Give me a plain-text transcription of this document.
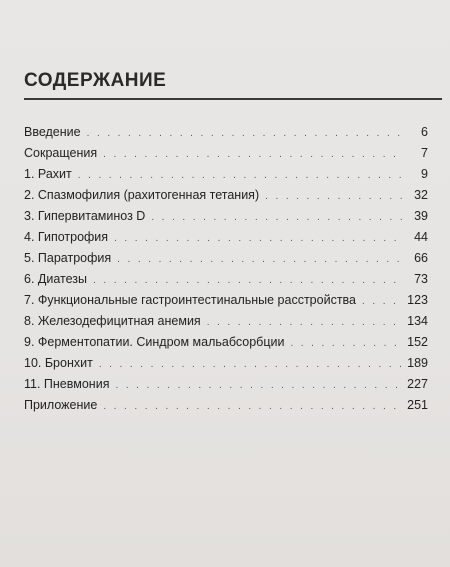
СОДЕРЖАНИЕ
Введение . . .	6
Сокращения . . .	7
1. Рахит . . .	9
2. Спазмофилия (рахитогенная тетания) . . .	32
3. Гипервитаминоз D . . .	39
4. Гипотрофия . . .	44
5. Паратрофия . . .	66
6. Диатезы . . .	73
7. Функциональные гастроинтестинальные расстройства . . .	123
8. Железодефицитная анемия . . .	134
9. Ферментопатии. Синдром мальабсорбции . . .	152
10. Бронхит . . .	189
11. Пневмония . . .	227
Приложение . . .	251
